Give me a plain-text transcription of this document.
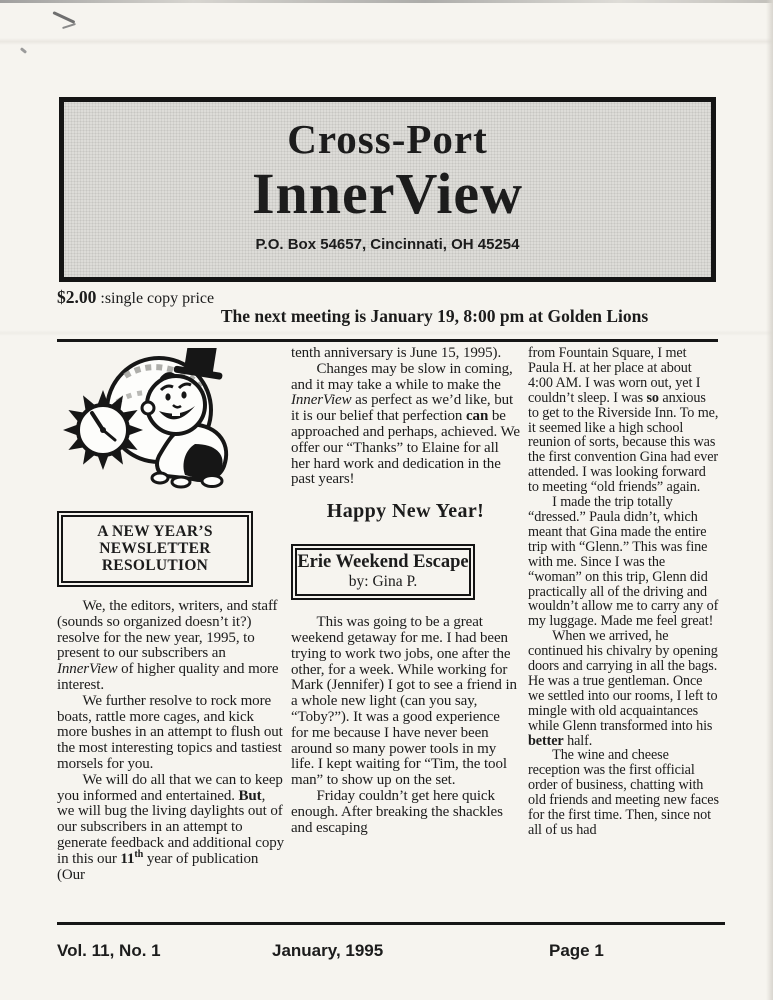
Cross-Port
InnerView
P.O. Box 54657, Cincinnati, OH 45254
$2.00 :single copy price
The next meeting is January 19, 8:00 pm at Golden Lions
A NEW YEAR’S
NEWSLETTER
RESOLUTION

We, the editors, writers, and staff (sounds so organized doesn’t it?) resolve for the new year, 1995, to present to our subscribers an InnerView of higher quality and more interest.

We further resolve to rock more boats, rattle more cages, and kick more bushes in an attempt to flush out the most interesting topics and tastiest morsels for you.

We will do all that we can to keep you informed and entertained. But, we will bug the living daylights out of our subscribers in an attempt to generate feedback and additional copy in this our 11th year of publication (Our

tenth anniversary is June 15, 1995).

Changes may be slow in coming, and it may take a while to make the InnerView as perfect as we’d like, but it is our belief that perfection can be approached and perhaps, achieved. We offer our “Thanks” to Elaine for all her hard work and dedication in the past years!

Happy New Year!
Erie Weekend Escape
by: Gina P.

This was going to be a great weekend getaway for me. I had been trying to work two jobs, one after the other, for a week. While working for Mark (Jennifer) I got to see a friend in a whole new light (can you say, “Toby?”). It was a good experience for me because I have never been around so many power tools in my life. I kept waiting for “Tim, the tool man” to show up on the set.

Friday couldn’t get here quick enough. After breaking the shackles and escaping

from Fountain Square, I met Paula H. at her place at about 4:00 AM. I was worn out, yet I couldn’t sleep. I was so anxious to get to the Riverside Inn. To me, it seemed like a high school reunion of sorts, because this was the first convention Gina had ever attended. I was looking forward to meeting “old friends” again.

I made the trip totally “dressed.” Paula didn’t, which meant that Gina made the entire trip with “Glenn.” This was fine with me. Since I was the “woman” on this trip, Glenn did practically all of the driving and wouldn’t allow me to carry any of my luggage. Made me feel great!

When we arrived, he continued his chivalry by opening doors and carrying in all the bags. He was a true gentleman. Once we settled into our rooms, I left to mingle with old acquaintances while Glenn transformed into his better half.

The wine and cheese reception was the first official order of business, chatting with old friends and meeting new faces for the first time. Then, since not all of us had

Vol. 11, No. 1	January, 1995	Page 1
